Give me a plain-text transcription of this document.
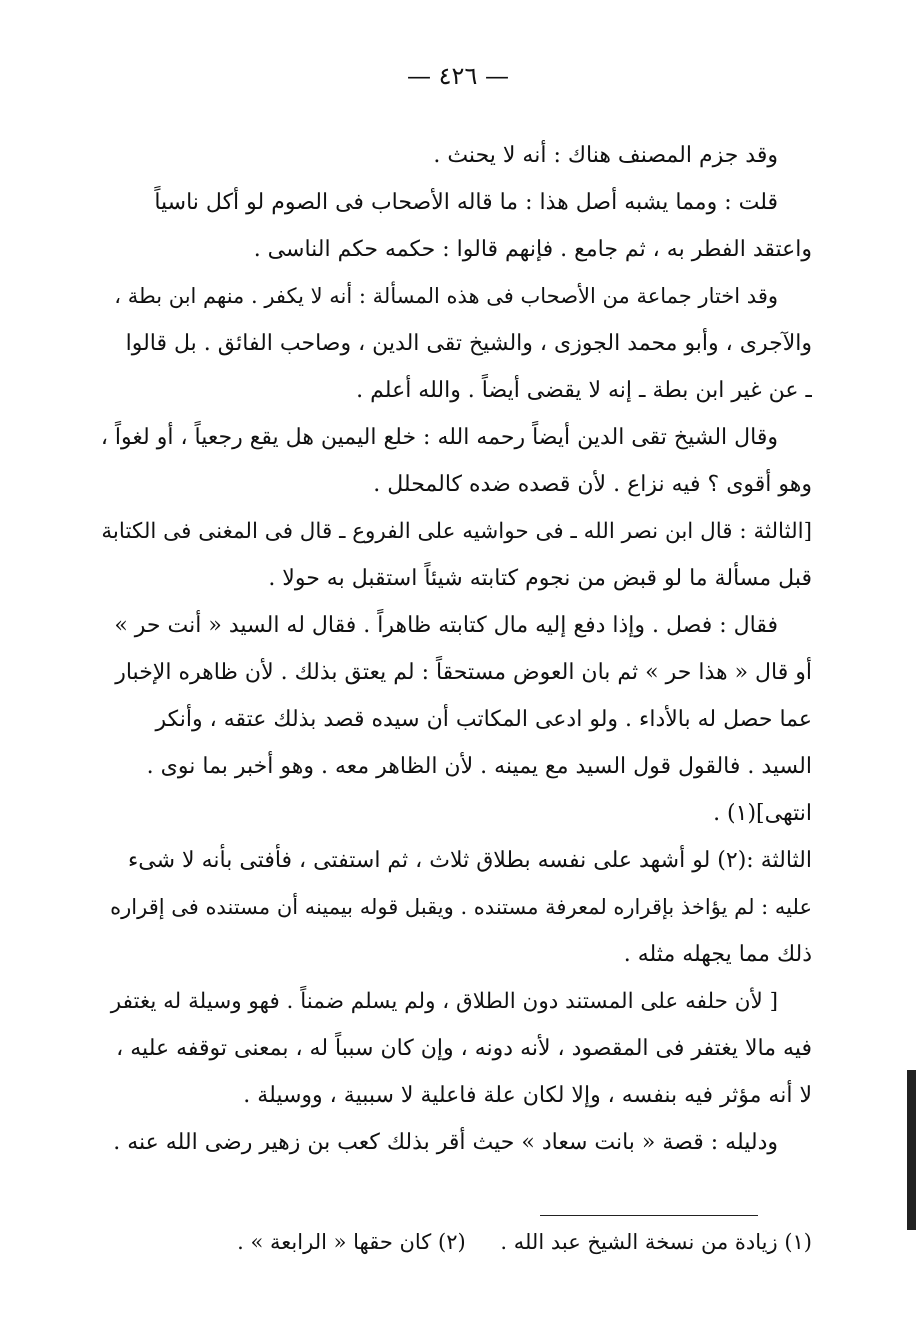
— ٤٢٦ —
وقد جزم المصنف هناك : أنه لا يحنث .
قلت : ومما يشبه أصل هذا : ما قاله الأصحاب فى الصوم لو أكل ناسياً
واعتقد الفطر به ، ثم جامع . فإنهم قالوا : حكمه حكم الناسى .
وقد اختار جماعة من الأصحاب فى هذه المسألة : أنه لا يكفر . منهم ابن بطة ،
والآجرى ، وأبو محمد الجوزى ، والشيخ تقى الدين ، وصاحب الفائق . بل قالوا
ـ عن غير ابن بطة ـ إنه لا يقضى أيضاً . والله أعلم .
وقال الشيخ تقى الدين أيضاً رحمه الله : خلع اليمين هل يقع رجعياً ، أو لغواً ،
وهو أقوى ؟ فيه نزاع . لأن قصده ضده كالمحلل .
[الثالثة : قال ابن نصر الله ـ فى حواشيه على الفروع ـ قال فى المغنى فى الكتابة
قبل مسألة ما لو قبض من نجوم كتابته شيئاً استقبل به حولا .
فقال : فصل . وإذا دفع إليه مال كتابته ظاهراً . فقال له السيد « أنت حر »
أو قال « هذا حر » ثم بان العوض مستحقاً : لم يعتق بذلك . لأن ظاهره الإخبار
عما حصل له بالأداء . ولو ادعى المكاتب أن سيده قصد بذلك عتقه ، وأنكر
السيد . فالقول قول السيد مع يمينه . لأن الظاهر معه . وهو أخبر بما نوى .
انتهى](١) .
الثالثة :(٢) لو أشهد على نفسه بطلاق ثلاث ، ثم استفتى ، فأفتى بأنه لا شىء
عليه : لم يؤاخذ بإقراره لمعرفة مستنده . ويقبل قوله بيمينه أن مستنده فى إقراره
ذلك مما يجهله مثله .
[ لأن حلفه على المستند دون الطلاق ، ولم يسلم ضمناً . فهو وسيلة له يغتفر
فيه مالا يغتفر فى المقصود ، لأنه دونه ، وإن كان سبباً له ، بمعنى توقفه عليه ،
لا أنه مؤثر فيه بنفسه ، وإلا لكان علة فاعلية لا سببية ، ووسيلة .
ودليله : قصة « بانت سعاد » حيث أقر بذلك كعب بن زهير رضى الله عنه .
(١) زيادة من نسخة الشيخ عبد الله . (٢) كان حقها « الرابعة » .
